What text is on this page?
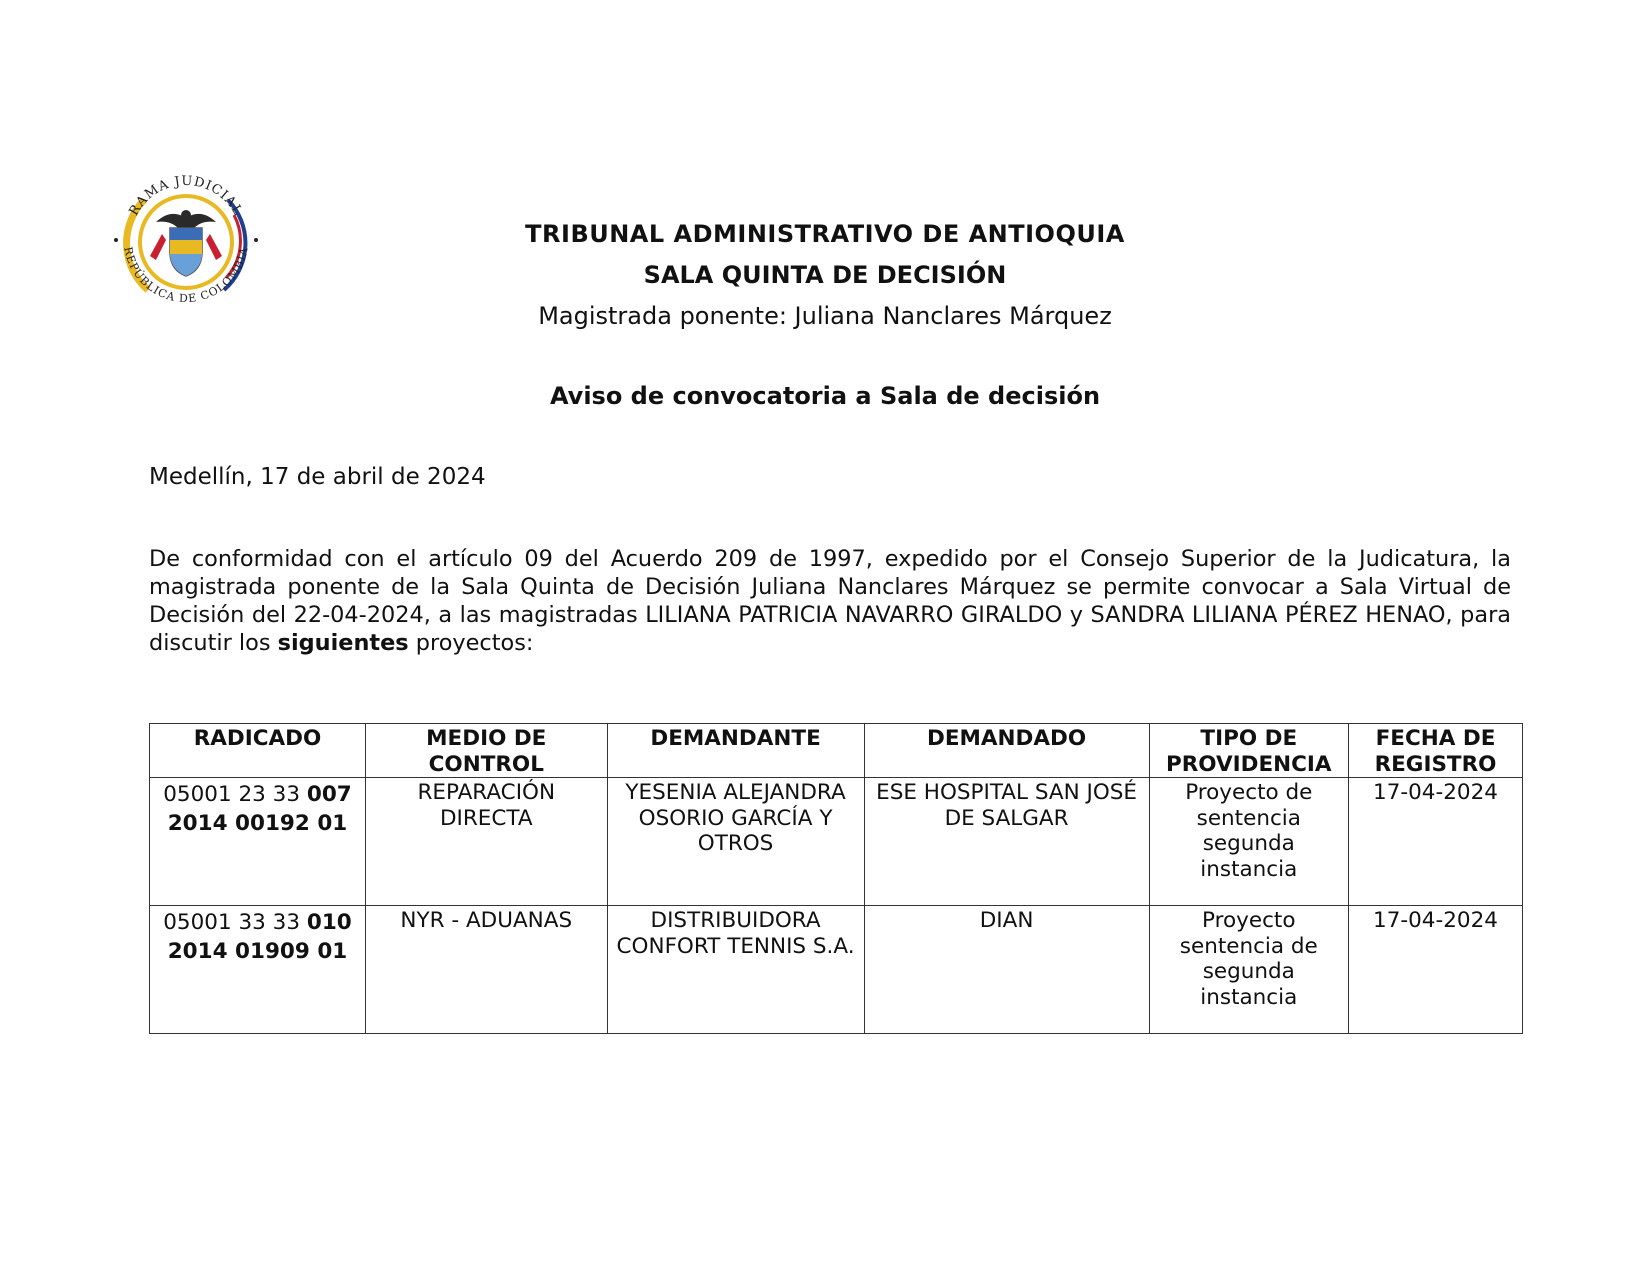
RAMA JUDICIAL
REPÚBLICA DE COLOMBIA
TRIBUNAL ADMINISTRATIVO DE ANTIOQUIA
SALA QUINTA DE DECISIÓN
Magistrada ponente: Juliana Nanclares Márquez
Aviso de convocatoria a Sala de decisión
Medellín, 17 de abril de 2024
De conformidad con el artículo 09 del Acuerdo 209 de 1997, expedido por el Consejo Superior de la Judicatura, la magistrada ponente de la Sala Quinta de Decisión Juliana Nanclares Márquez se permite convocar a Sala Virtual de Decisión del 22-04-2024, a las magistradas LILIANA PATRICIA NAVARRO GIRALDO y SANDRA LILIANA PÉREZ HENAO, para discutir los siguientes proyectos:
RADICADO	MEDIO DE CONTROL	DEMANDANTE	DEMANDADO	TIPO DE PROVIDENCIA	FECHA DE REGISTRO
05001 23 33 007
2014 00192 01	REPARACIÓN DIRECTA	YESENIA ALEJANDRA OSORIO GARCÍA Y OTROS	ESE HOSPITAL SAN JOSÉ DE SALGAR	Proyecto de sentencia segunda instancia	17-04-2024
05001 33 33 010
2014 01909 01	NYR - ADUANAS	DISTRIBUIDORA CONFORT TENNIS S.A.	DIAN	Proyecto sentencia de segunda instancia	17-04-2024
